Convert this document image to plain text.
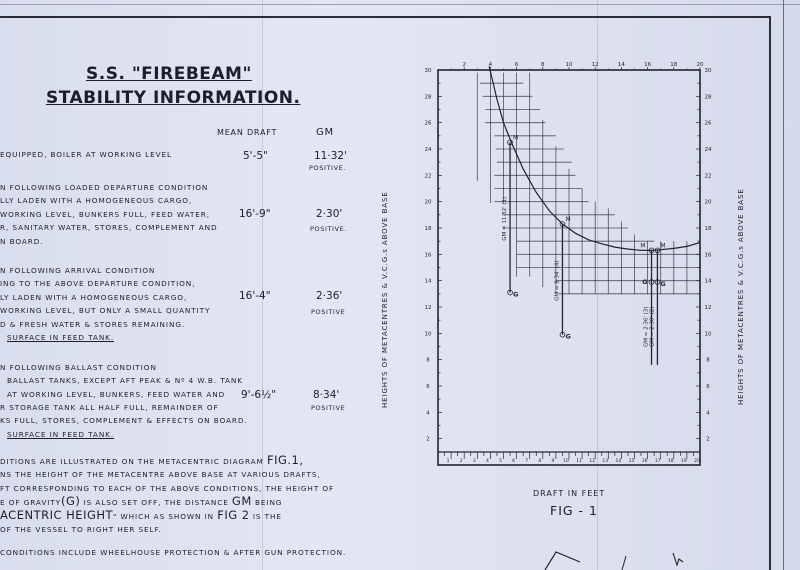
S.S. "FIREBEAM"
STABILITY INFORMATION.
MEAN DRAFT	GM
EQUIPPED, BOILER AT WORKING LEVEL	5'-5"	11·32'
POSITIVE.
N FOLLOWING LOADED DEPARTURE CONDITION
LLY LADEN WITH A HOMOGENEOUS CARGO,
WORKING LEVEL, BUNKERS FULL, FEED WATER,
R, SANITARY WATER, STORES, COMPLEMENT AND
N BOARD.
16'-9"	2·30'
POSITIVE.
N FOLLOWING ARRIVAL CONDITION
ING TO THE ABOVE DEPARTURE CONDITION,
LY LADEN WITH A HOMOGENEOUS CARGO,
WORKING LEVEL, BUT ONLY A SMALL QUANTITY
D & FRESH WATER & STORES REMAINING.
SURFACE IN FEED TANK.
16'-4"	2·36'
POSITIVE
N FOLLOWING BALLAST CONDITION
BALLAST TANKS, EXCEPT AFT PEAK & Nº 4 W.B. TANK
AT WORKING LEVEL, BUNKERS, FEED WATER AND
R STORAGE TANK ALL HALF FULL, REMAINDER OF
KS FULL, STORES, COMPLEMENT & EFFECTS ON BOARD.
SURFACE IN FEED TANK.
9'-6½"	8·34'
POSITIVE
DITIONS ARE ILLUSTRATED ON THE METACENTRIC DIAGRAM FIG.1,
NS THE HEIGHT OF THE METACENTRE ABOVE BASE AT VARIOUS DRAFTS,
FT CORRESPONDING TO EACH OF THE ABOVE CONDITIONS, THE HEIGHT OF
E OF GRAVITY(G) IS ALSO SET OFF, THE DISTANCE GM BEING
ACENTRIC HEIGHT" WHICH AS SHOWN IN FIG 2 IS THE
OF THE VESSEL TO RIGHT HER SELF.
CONDITIONS INCLUDE WHEELHOUSE PROTECTION & AFTER GUN PROTECTION.
2	2
4	4
6	6
8	8
10	10
12	12
14	14
16	16
18	18
20	20
22	22
24	24
26	26
28	28
30	30
2	4	6	8	10	12	14	16	18	20
1 2 3 4 5 6 7 8 9 10 11 12 13 14 15 16 17 18 19 20
M
G
GM = 11·32' (1)	M
G
GM = 8·34' (4)
M
G
GM = 2·36' (3)
M
G
GM = 2·30' (2)
HEIGHTS OF METACENTRES & V.C.G.s ABOVE BASE	HEIGHTS OF METACENTRES & V.C.G.s ABOVE BASE
DRAFT IN FEET
FIG - 1
